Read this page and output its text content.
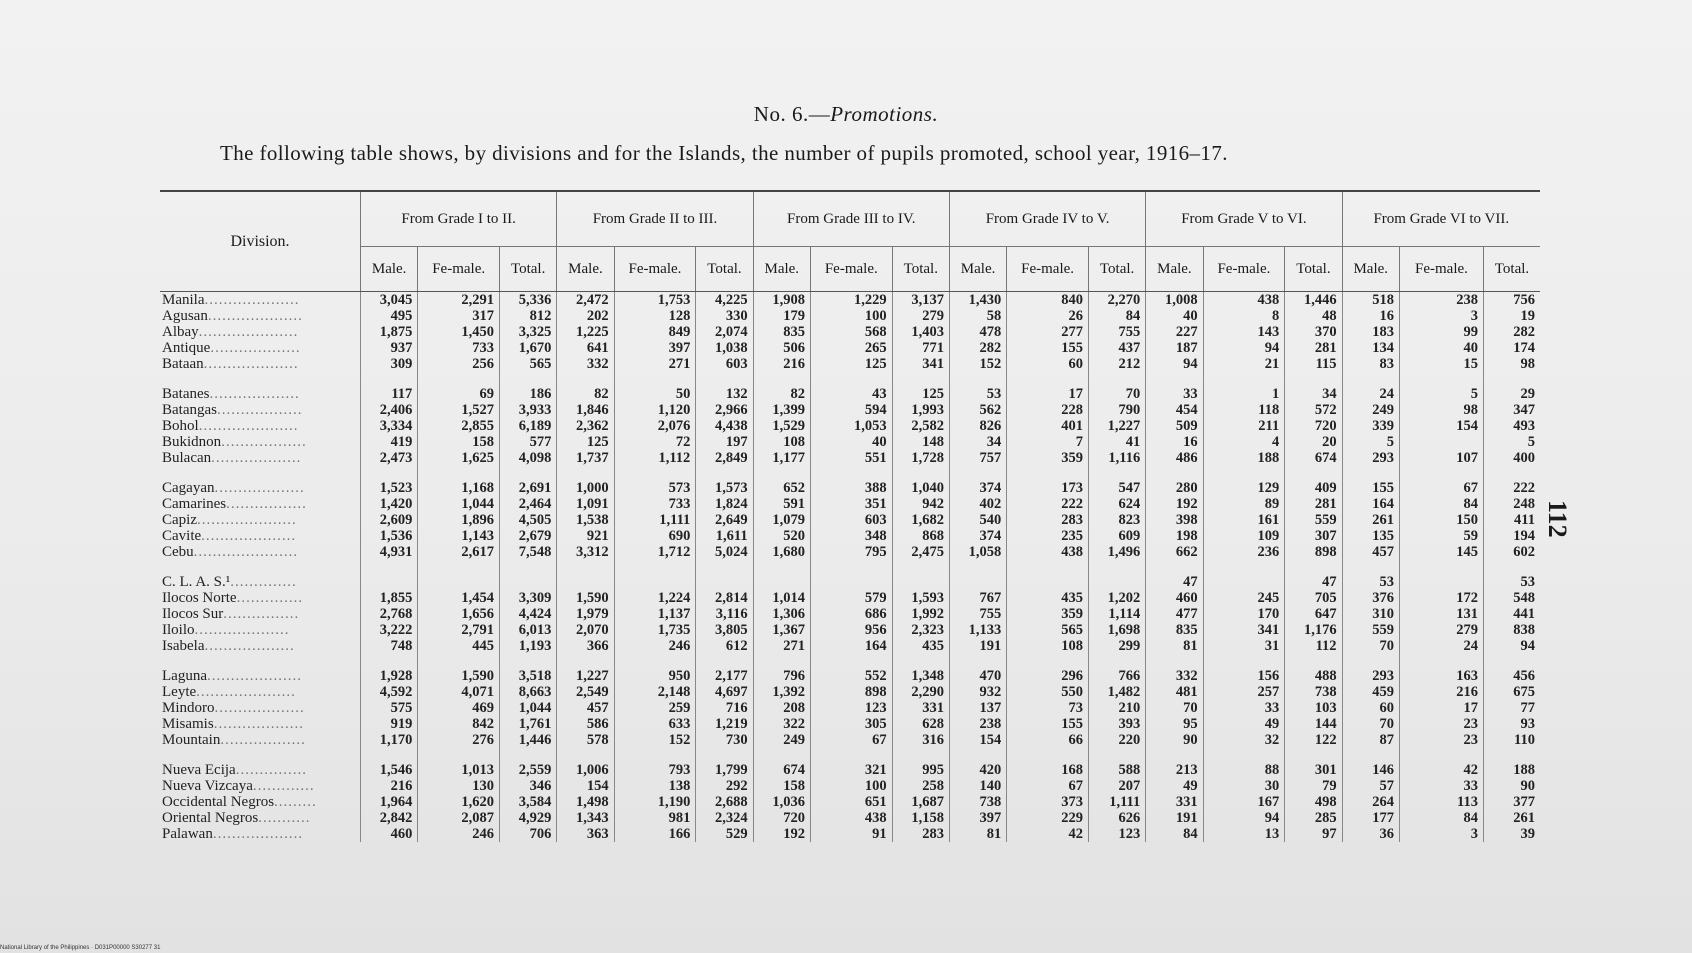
No. 6.—Promotions.
The following table shows, by divisions and for the Islands, the number of pupils promoted, school year, 1916–17.
Division.	From Grade I to II.			From Grade II to III.			From Grade III to IV.			From Grade IV to V.			From Grade V to VI.			From Grade VI to VII.		
	Male.	Fe-male.	Total.	Male.	Fe-male.	Total.	Male.	Fe-male.	Total.	Male.	Fe-male.	Total.	Male.	Fe-male.	Total.	Male.	Fe-male.	Total.
Manila....................	3,045	2,291	5,336	2,472	1,753	4,225	1,908	1,229	3,137	1,430	840	2,270	1,008	438	1,446	518	238	756
Agusan....................	495	317	812	202	128	330	179	100	279	58	26	84	40	8	48	16	3	19
Albay.....................	1,875	1,450	3,325	1,225	849	2,074	835	568	1,403	478	277	755	227	143	370	183	99	282
Antique...................	937	733	1,670	641	397	1,038	506	265	771	282	155	437	187	94	281	134	40	174
Bataan....................	309	256	565	332	271	603	216	125	341	152	60	212	94	21	115	83	15	98

Batanes...................	117	69	186	82	50	132	82	43	125	53	17	70	33	1	34	24	5	29
Batangas..................	2,406	1,527	3,933	1,846	1,120	2,966	1,399	594	1,993	562	228	790	454	118	572	249	98	347
Bohol.....................	3,334	2,855	6,189	2,362	2,076	4,438	1,529	1,053	2,582	826	401	1,227	509	211	720	339	154	493
Bukidnon..................	419	158	577	125	72	197	108	40	148	34	7	41	16	4	20	5		5
Bulacan...................	2,473	1,625	4,098	1,737	1,112	2,849	1,177	551	1,728	757	359	1,116	486	188	674	293	107	400

Cagayan...................	1,523	1,168	2,691	1,000	573	1,573	652	388	1,040	374	173	547	280	129	409	155	67	222
Camarines.................	1,420	1,044	2,464	1,091	733	1,824	591	351	942	402	222	624	192	89	281	164	84	248
Capiz.....................	2,609	1,896	4,505	1,538	1,111	2,649	1,079	603	1,682	540	283	823	398	161	559	261	150	411
Cavite....................	1,536	1,143	2,679	921	690	1,611	520	348	868	374	235	609	198	109	307	135	59	194
Cebu......................	4,931	2,617	7,548	3,312	1,712	5,024	1,680	795	2,475	1,058	438	1,496	662	236	898	457	145	602

C. L. A. S.¹..............													47		47	53		53
Ilocos Norte..............	1,855	1,454	3,309	1,590	1,224	2,814	1,014	579	1,593	767	435	1,202	460	245	705	376	172	548
Ilocos Sur................	2,768	1,656	4,424	1,979	1,137	3,116	1,306	686	1,992	755	359	1,114	477	170	647	310	131	441
Iloilo....................	3,222	2,791	6,013	2,070	1,735	3,805	1,367	956	2,323	1,133	565	1,698	835	341	1,176	559	279	838
Isabela...................	748	445	1,193	366	246	612	271	164	435	191	108	299	81	31	112	70	24	94

Laguna....................	1,928	1,590	3,518	1,227	950	2,177	796	552	1,348	470	296	766	332	156	488	293	163	456
Leyte.....................	4,592	4,071	8,663	2,549	2,148	4,697	1,392	898	2,290	932	550	1,482	481	257	738	459	216	675
Mindoro...................	575	469	1,044	457	259	716	208	123	331	137	73	210	70	33	103	60	17	77
Misamis...................	919	842	1,761	586	633	1,219	322	305	628	238	155	393	95	49	144	70	23	93
Mountain..................	1,170	276	1,446	578	152	730	249	67	316	154	66	220	90	32	122	87	23	110

Nueva Ecija...............	1,546	1,013	2,559	1,006	793	1,799	674	321	995	420	168	588	213	88	301	146	42	188
Nueva Vizcaya.............	216	130	346	154	138	292	158	100	258	140	67	207	49	30	79	57	33	90
Occidental Negros.........	1,964	1,620	3,584	1,498	1,190	2,688	1,036	651	1,687	738	373	1,111	331	167	498	264	113	377
Oriental Negros...........	2,842	2,087	4,929	1,343	981	2,324	720	438	1,158	397	229	626	191	94	285	177	84	261
Palawan...................	460	246	706	363	166	529	192	91	283	81	42	123	84	13	97	36	3	39
112
National Library of the Philippines · D031P00000 S30277 31
